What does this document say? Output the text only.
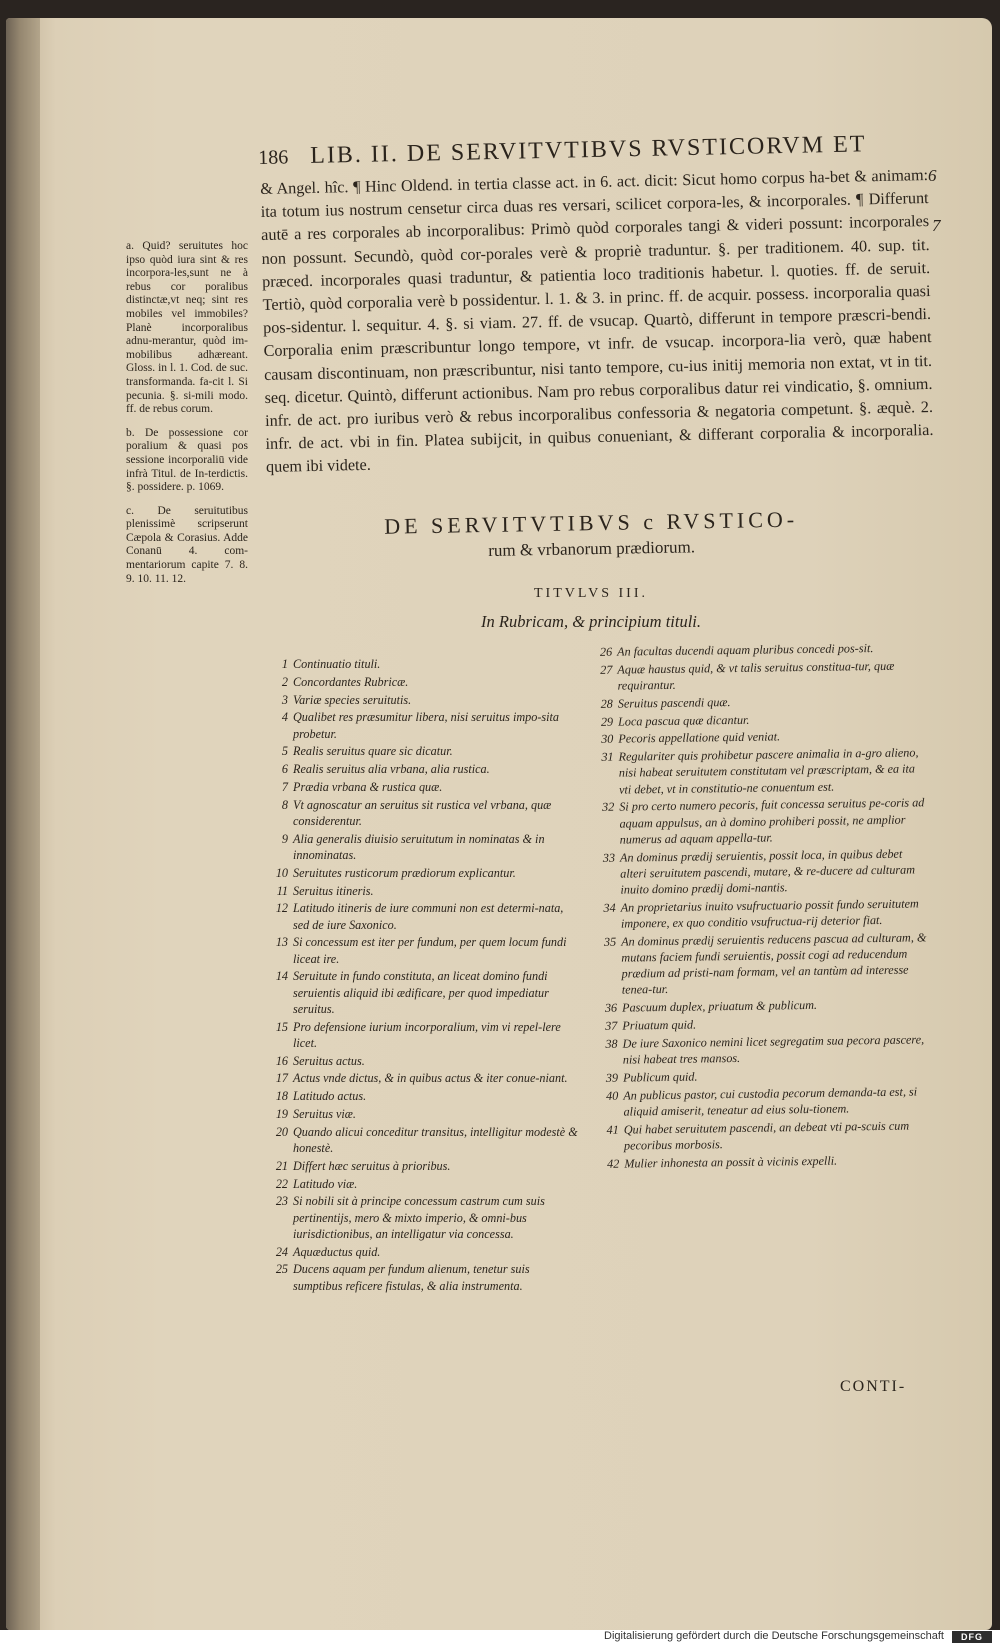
186 LIB. II. DE SERVITVTIBVS RVSTICORVM ET
6
7
a. Quid? seruitutes hoc ipso quòd iura sint & res incorpora-les,sunt ne à rebus cor poralibus distinctæ,vt neq; sint res mobiles vel immobiles? Planè incorporalibus adnu-merantur, quòd im-mobilibus adhæreant. Gloss. in l. 1. Cod. de suc. transformanda. fa-cit l. Si pecunia. §. si-mili modo. ff. de rebus corum.
b. De possessione cor poralium & quasi pos sessione incorporaliū vide infrà Titul. de In-terdictis. §. possidere. p. 1069.
c. De seruitutibus plenissimè scripserunt Cæpola & Corasius. Adde Conanū 4. com-mentariorum capite 7. 8. 9. 10. 11. 12.
& Angel. hîc. ¶ Hinc Oldend. in tertia classe act. in 6. act. dicit: Sicut homo corpus ha-bet & animam: ita totum ius nostrum censetur circa duas res versari, scilicet corpora-les, & incorporales. ¶ Differunt autē a res corporales ab incorporalibus: Primò quòd corporales tangi & videri possunt: incorporales non possunt. Secundò, quòd cor-porales verè & propriè traduntur. §. per traditionem. 40. sup. tit. præced. incorporales quasi traduntur, & patientia loco traditionis habetur. l. quoties. ff. de seruit. Tertiò, quòd corporalia verè b possidentur. l. 1. & 3. in princ. ff. de acquir. possess. incorporalia quasi pos-sidentur. l. sequitur. 4. §. si viam. 27. ff. de vsucap. Quartò, differunt in tempore præscri-bendi. Corporalia enim præscribuntur longo tempore, vt infr. de vsucap. incorpora-lia verò, quæ habent causam discontinuam, non præscribuntur, nisi tanto tempore, cu-ius initij memoria non extat, vt in tit. seq. dicetur. Quintò, differunt actionibus. Nam pro rebus corporalibus datur rei vindicatio, §. omnium. infr. de act. pro iuribus verò & rebus incorporalibus confessoria & negatoria competunt. §. æquè. 2. infr. de act. vbi in fin. Platea subijcit, in quibus conueniant, & differant corporalia & incorporalia. quem ibi videte.
DE SERVITVTIBVS c RVSTICO-
rum & vrbanorum prædiorum.
TITVLVS III.
In Rubricam, & principium tituli.
1 Continuatio tituli.
2 Concordantes Rubricæ.
3 Variæ species seruitutis.
4 Qualibet res præsumitur libera, nisi seruitus impo-sita probetur.
5 Realis seruitus quare sic dicatur.
6 Realis seruitus alia vrbana, alia rustica.
7 Prædia vrbana & rustica quæ.
8 Vt agnoscatur an seruitus sit rustica vel vrbana, quæ considerentur.
9 Alia generalis diuisio seruitutum in nominatas & in innominatas.
10 Seruitutes rusticorum prædiorum explicantur.
11 Seruitus itineris.
12 Latitudo itineris de iure communi non est determi-nata, sed de iure Saxonico.
13 Si concessum est iter per fundum, per quem locum fundi liceat ire.
14 Seruitute in fundo constituta, an liceat domino fundi seruientis aliquid ibi ædificare, per quod impediatur seruitus.
15 Pro defensione iurium incorporalium, vim vi repel-lere licet.
16 Seruitus actus.
17 Actus vnde dictus, & in quibus actus & iter conue-niant.
18 Latitudo actus.
19 Seruitus viæ.
20 Quando alicui conceditur transitus, intelligitur modestè & honestè.
21 Differt hæc seruitus à prioribus.
22 Latitudo viæ.
23 Si nobili sit à principe concessum castrum cum suis pertinentijs, mero & mixto imperio, & omni-bus iurisdictionibus, an intelligatur via concessa.
24 Aquæductus quid.
25 Ducens aquam per fundum alienum, tenetur suis sumptibus reficere fistulas, & alia instrumenta.
26 An facultas ducendi aquam pluribus concedi pos-sit.
27 Aquæ haustus quid, & vt talis seruitus constitua-tur, quæ requirantur.
28 Seruitus pascendi quæ.
29 Loca pascua quæ dicantur.
30 Pecoris appellatione quid veniat.
31 Regulariter quis prohibetur pascere animalia in a-gro alieno, nisi habeat seruitutem constitutam vel præscriptam, & ea ita vti debet, vt in constitutio-ne conuentum est.
32 Si pro certo numero pecoris, fuit concessa seruitus pe-coris ad aquam appulsus, an à domino prohiberi possit, ne amplior numerus ad aquam appella-tur.
33 An dominus prædij seruientis, possit loca, in quibus debet alteri seruitutem pascendi, mutare, & re-ducere ad culturam inuito domino prædij domi-nantis.
34 An proprietarius inuito vsufructuario possit fundo seruitutem imponere, ex quo conditio vsufructua-rij deterior fiat.
35 An dominus prædij seruientis reducens pascua ad culturam, & mutans faciem fundi seruientis, possit cogi ad reducendum prædium ad pristi-nam formam, vel an tantùm ad interesse tenea-tur.
36 Pascuum duplex, priuatum & publicum.
37 Priuatum quid.
38 De iure Saxonico nemini licet segregatim sua pecora pascere, nisi habeat tres mansos.
39 Publicum quid.
40 An publicus pastor, cui custodia pecorum demanda-ta est, si aliquid amiserit, teneatur ad eius solu-tionem.
41 Qui habet seruitutem pascendi, an debeat vti pa-scuis cum pecoribus morbosis.
42 Mulier inhonesta an possit à vicinis expelli.
CONTI-
Digitalisierung gefördert durch die Deutsche Forschungsgemeinschaft	DFG
